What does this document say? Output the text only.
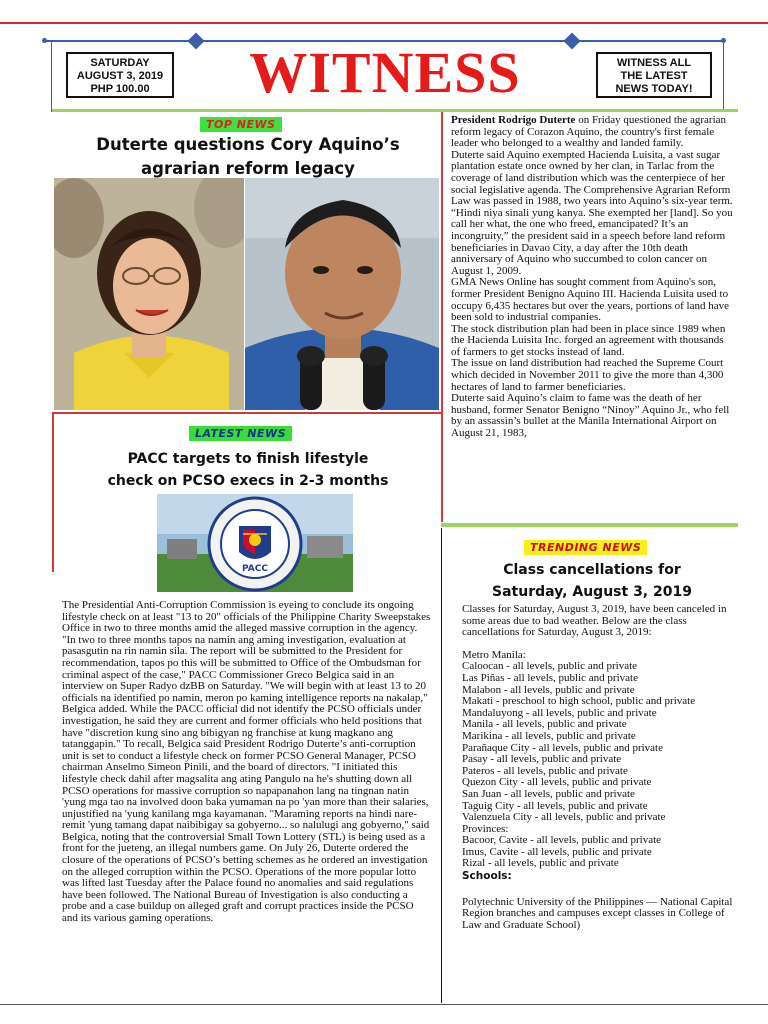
SATURDAY
AUGUST 3, 2019
PHP 100.00	WITNESS	WITNESS ALL
THE LATEST
NEWS TODAY!
TOP NEWS
Duterte questions Cory Aquino’s
agrarian reform legacy

President Rodrigo Duterte on Friday questioned the agrarian reform legacy of Corazon Aquino, the country's first female leader who belonged to a wealthy and landed family.

Duterte said Aquino exempted Hacienda Luisita, a vast sugar plantation estate once owned by her clan, in Tarlac from the coverage of land distribution which was the centerpiece of her social legislative agenda. The Comprehensive Agrarian Reform Law was passed in 1988, two years into Aquino’s six-year term.

“Hindi niya sinali yung kanya. She exempted her [land]. So you call her what, the one who freed, emancipated? It’s an incongruity,” the president said in a speech before land reform beneficiaries in Davao City, a day after the 10th death anniversary of Aquino who succumbed to colon cancer on August 1, 2009.

GMA News Online has sought comment from Aquino's son, former President Benigno Aquino III. Hacienda Luisita used to occupy 6,435 hectares but over the years, portions of land have been sold to industrial companies.

The stock distribution plan had been in place since 1989 when the Hacienda Luisita Inc. forged an agreement with thousands of farmers to get stocks instead of land.

The issue on land distribution had reached the Supreme Court which decided in November 2011 to give the more than 4,300 hectares of land to farmer beneficiaries.

Duterte said Aquino’s claim to fame was the death of her husband, former Senator Benigno “Ninoy” Aquino Jr., who fell by an assassin’s bullet at the Manila International Airport on August 21, 1983,

LATEST NEWS
PACC targets to finish lifestyle
check on PCSO execs in 2-3 months
PACC
The Presidential Anti-Corruption Commission is eyeing to conclude its ongoing lifestyle check on at least "13 to 20" officials of the Philippine Charity Sweepstakes Office in two to three months amid the alleged massive corruption in the agency. "In two to three months tapos na namin ang aming investigation, evaluation at pasasgutin na rin namin sila. The report will be submitted to the President for recommendation, tapos po this will be submitted to Office of the Ombudsman for criminal aspect of the case," PACC Commissioner Greco Belgica said in an interview on Super Radyo dzBB on Saturday. "We will begin with at least 13 to 20 officials na identified po namin, meron po kaming intelligence reports na nakalap," Belgica added. While the PACC official did not identify the PCSO officials under investigation, he said they are current and former officials who held positions that have "discretion kung sino ang bibigyan ng franchise at kung magkano ang tatanggapin." To recall, Belgica said President Rodrigo Duterte’s anti-corruption unit is set to conduct a lifestyle check on former PCSO General Manager, PCSO chairman Anselmo Simeon Pinili, and the board of directors. "I initiated this lifestyle check dahil after magsalita ang ating Pangulo na he's shutting down all PCSO operations for massive corruption so napapanahon lang na tingnan natin 'yung mga tao na involved doon baka yumaman na po 'yan more than their salaries, unjustified na 'yung kanilang mga kayamanan. "Maraming reports na hindi nare-remit 'yung tamang dapat naibibigay sa gobyerno... so nalulugi ang gobyerno," said Belgica, noting that the controversial Small Town Lottery (STL) is being used as a front for the jueteng, an illegal numbers game. On July 26, Duterte ordered the closure of the operations of PCSO’s betting schemes as he ordered an investigation on the alleged corruption within the PCSO. Operations of the more popular lotto was lifted last Tuesday after the Palace found no anomalies and said regulations have been followed. The National Bureau of Investigation is also conducting a probe and a case buildup on alleged graft and corrupt practices inside the PCSO and its various gaming operations.
TRENDING NEWS
Class cancellations for
Saturday, August 3, 2019

Classes for Saturday, August 3, 2019, have been canceled in some areas due to bad weather. Below are the class cancellations for Saturday, August 3, 2019:

Metro Manila:

Caloocan - all levels, public and private

Las Piñas - all levels, public and private

Malabon - all levels, public and private

Makati - preschool to high school, public and private

Mandaluyong - all levels, public and private

Manila - all levels, public and private

Marikina - all levels, public and private

Parañaque City - all levels, public and private

Pasay - all levels, public and private

Pateros - all levels, public and private

Quezon City - all levels, public and private

San Juan - all levels, public and private

Taguig City - all levels, public and private

Valenzuela City - all levels, public and private

Provinces:

Bacoor, Cavite - all levels, public and private

Imus, Cavite - all levels, public and private

Rizal - all levels, public and private

Schools:

Polytechnic University of the Philippines — National Capital Region branches and campuses except classes in College of Law and Graduate School)
